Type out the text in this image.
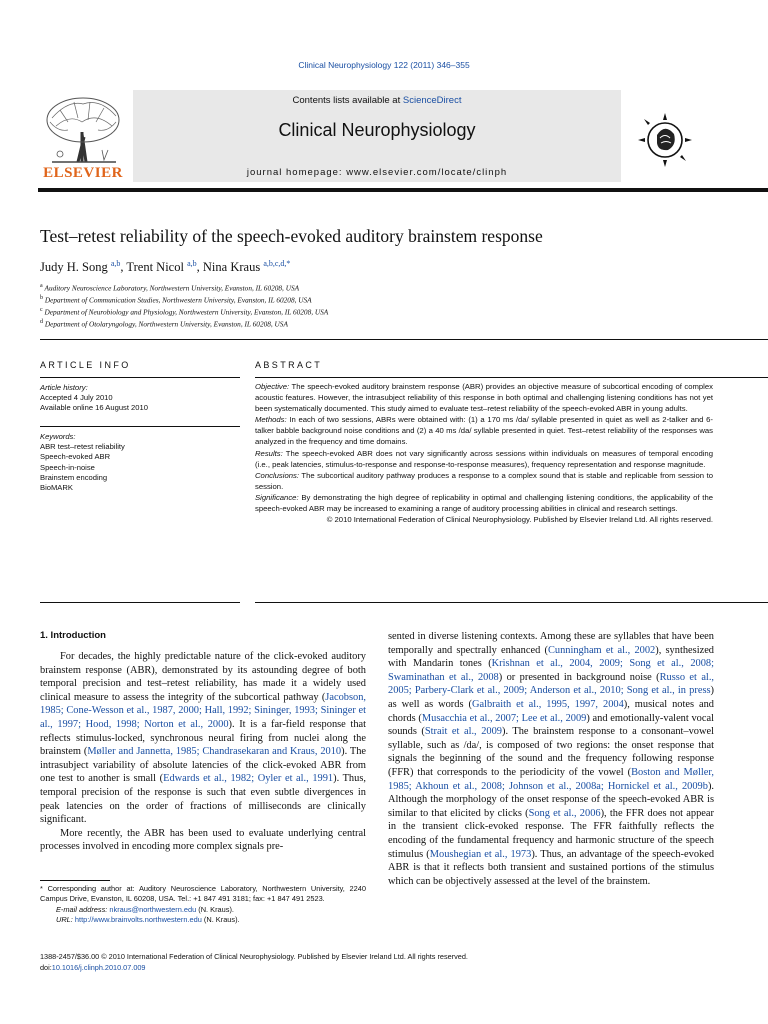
Clinical Neurophysiology 122 (2011) 346–355
ELSEVIER
Contents lists available at ScienceDirect
Clinical Neurophysiology
journal homepage: www.elsevier.com/locate/clinph
Test–retest reliability of the speech-evoked auditory brainstem response
Judy H. Song $^{a,b}$, Trent Nicol $^{a,b}$, Nina Kraus $^{a,b,c,d,*}$
$^a$ Auditory Neuroscience Laboratory, Northwestern University, Evanston, IL 60208, USA
$^b$ Department of Communication Studies, Northwestern University, Evanston, IL 60208, USA
$^c$ Department of Neurobiology and Physiology, Northwestern University, Evanston, IL 60208, USA
$^d$ Department of Otolaryngology, Northwestern University, Evanston, IL 60208, USA
ARTICLE INFO	ABSTRACT
Article history:
Accepted 4 July 2010
Available online 16 August 2010
Keywords:
ABR test–retest reliability
Speech-evoked ABR
Speech-in-noise
Brainstem encoding
BioMARK

Objective: The speech-evoked auditory brainstem response (ABR) provides an objective measure of subcortical encoding of complex acoustic features. However, the intrasubject reliability of this response in both optimal and challenging listening conditions has not yet been systematically documented. This study aimed to evaluate test–retest reliability of the speech-evoked ABR in young adults.

Methods: In each of two sessions, ABRs were obtained with: (1) a 170 ms /da/ syllable presented in quiet as well as 2-talker and 6-talker babble background noise conditions and (2) a 40 ms /da/ syllable presented in quiet. Test–retest reliability of the responses was analyzed in the frequency and time domains.

Results: The speech-evoked ABR does not vary significantly across sessions within individuals on measures of temporal encoding (i.e., peak latencies, stimulus-to-response and response-to-response measures), frequency representation and response magnitude.

Conclusions: The subcortical auditory pathway produces a response to a complex sound that is stable and replicable from session to session.

Significance: By demonstrating the high degree of replicability in optimal and challenging listening conditions, the applicability of the speech-evoked ABR may be increased to examining a range of auditory processing abilities in clinical and research settings.

© 2010 International Federation of Clinical Neurophysiology. Published by Elsevier Ireland Ltd. All rights reserved.

1. Introduction

For decades, the highly predictable nature of the click-evoked auditory brainstem response (ABR), demonstrated by its astounding degree of both temporal precision and test–retest reliability, has made it a widely used clinical measure to assess the integrity of the subcortical pathway (Jacobson, 1985; Cone-Wesson et al., 1987, 2000; Hall, 1992; Sininger, 1993; Sininger et al., 1997; Hood, 1998; Norton et al., 2000). It is a far-field response that reflects stimulus-locked, synchronous neural firing from nuclei along the brainstem (Møller and Jannetta, 1985; Chandrasekaran and Kraus, 2010). The intrasubject variability of absolute latencies of the click-evoked ABR from one test to another is small (Edwards et al., 1982; Oyler et al., 1991). Thus, temporal precision of the response is such that even subtle divergences in peak latencies on the order of fractions of milliseconds are clinically significant.

More recently, the ABR has been used to evaluate underlying central processes involved in encoding more complex signals pre-

sented in diverse listening contexts. Among these are syllables that have been temporally and spectrally enhanced (Cunningham et al., 2002), synthesized with Mandarin tones (Krishnan et al., 2004, 2009; Song et al., 2008; Swaminathan et al., 2008) or presented in background noise (Russo et al., 2005; Parbery-Clark et al., 2009; Anderson et al., 2010; Song et al., in press) as well as words (Galbraith et al., 1995, 1997, 2004), musical notes and chords (Musacchia et al., 2007; Lee et al., 2009) and emotionally-valent vocal sounds (Strait et al., 2009). The brainstem response to a consonant–vowel syllable, such as /da/, is composed of two regions: the onset response that signals the beginning of the sound and the frequency following response (FFR) that corresponds to the periodicity of the vowel (Boston and Møller, 1985; Akhoun et al., 2008; Johnson et al., 2008a; Hornickel et al., 2009b). Although the morphology of the onset response of the speech-evoked ABR is similar to that elicited by clicks (Song et al., 2006), the FFR does not appear in the transient click-evoked response. The FFR faithfully reflects the encoding of the fundamental frequency and harmonic structure of the speech stimulus (Moushegian et al., 1973). Thus, an advantage of the speech-evoked ABR is that it reflects both transient and sustained portions of the stimulus which can be objectively assessed at the level of the brainstem.

* Corresponding author at: Auditory Neuroscience Laboratory, Northwestern University, 2240 Campus Drive, Evanston, IL 60208, USA. Tel.: +1 847 491 3181; fax: +1 847 491 2523.

E-mail address: nkraus@northwestern.edu (N. Kraus).

URL: http://www.brainvolts.northwestern.edu (N. Kraus).

1388-2457/$36.00 © 2010 International Federation of Clinical Neurophysiology. Published by Elsevier Ireland Ltd. All rights reserved.
doi:10.1016/j.clinph.2010.07.009
